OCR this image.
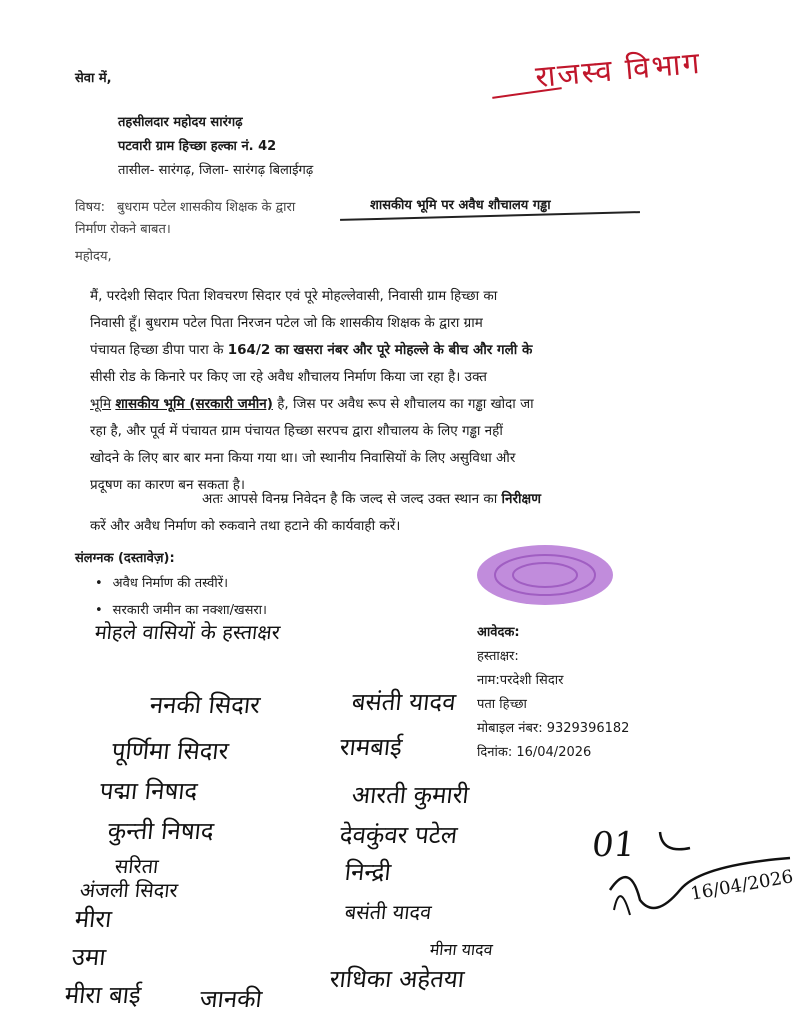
राजस्व विभाग
सेवा में,
तहसीलदार महोदय सारंगढ़
पटवारी ग्राम हिच्छा हल्का नं. 42
तासील- सारंगढ़, जिला- सारंगढ़ बिलाईगढ़
विषय: बुधराम पटेल शासकीय शिक्षक के द्वारा	शासकीय भूमि पर अवैध शौचालय गड्ढा
निर्माण रोकने बाबत।
महोदय,

मैं, परदेशी सिदार पिता शिवचरण सिदार एवं पूरे मोहल्लेवासी, निवासी ग्राम हिच्छा का

निवासी हूँ। बुधराम पटेल पिता निरजन पटेल जो कि शासकीय शिक्षक के द्वारा ग्राम

पंचायत हिच्छा डीपा पारा के 164/2 का खसरा नंबर और पूरे मोहल्ले के बीच और गली के

सीसी रोड के किनारे पर किए जा रहे अवैध शौचालय निर्माण किया जा रहा है। उक्त

भूमि शासकीय भूमि (सरकारी जमीन) है, जिस पर अवैध रूप से शौचालय का गड्ढा खोदा जा

रहा है, और पूर्व में पंचायत ग्राम पंचायत हिच्छा सरपच द्वारा शौचालय के लिए गड्ढा नहीं

खोदने के लिए बार बार मना किया गया था। जो स्थानीय निवासियों के लिए असुविधा और

प्रदूषण का कारण बन सकता है।

अतः आपसे विनम्र निवेदन है कि जल्द से जल्द उक्त स्थान का निरीक्षण

करें और अवैध निर्माण को रुकवाने तथा हटाने की कार्यवाही करें।

संलग्नक (दस्तावेज़):
• अवैध निर्माण की तस्वीरें।
• सरकारी जमीन का नक्शा/खसरा।
मोहले वासियों के हस्ताक्षर	आवेदक:
हस्ताक्षर:
नाम:परदेशी सिदार
पता हिच्छा
मोबाइल नंबर: 9329396182
दिनांक: 16/04/2026
ननकी सिदार
पूर्णिमा सिदार
पद्मा निषाद
कुन्ती निषाद
सरिता
अंजली सिदार
मीरा
उमा
मीरा बाई जानकी
बसंती यादव
रामबाई
आरती कुमारी
देवकुंवर पटेल
निन्द्री
बसंती यादव
मीना यादव
राधिका अहेतया
01
16/04/2026
